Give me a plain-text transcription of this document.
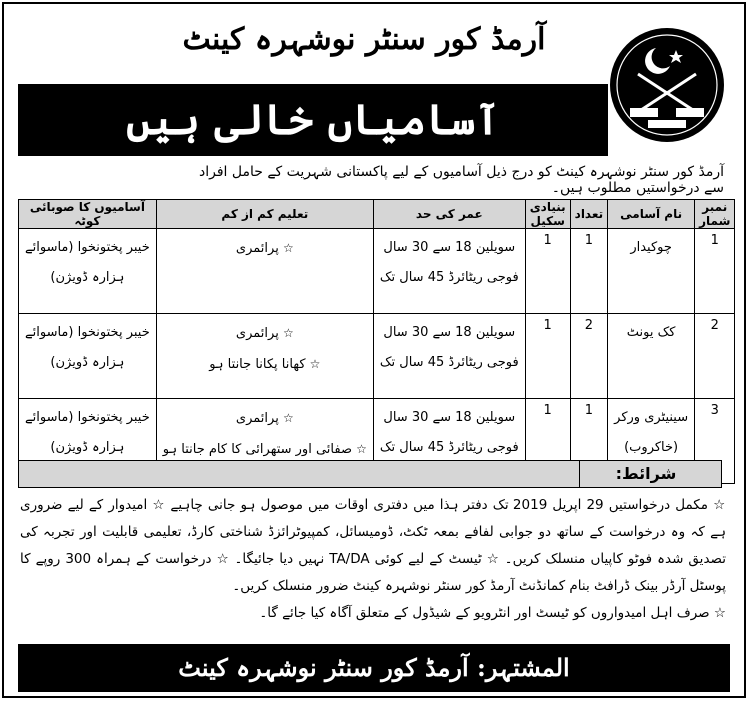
آرمڈ کور سنٹر نوشہرہ کینٹ
آسامیاں خالی ہیں
آرمڈ کور سنٹر نوشہرہ کینٹ کو درج ذیل آسامیوں کے لیے پاکستانی شہریت کے حامل افراد سے درخواستیں مطلوب ہیں۔
نمبر شمار	نام آسامی	تعداد	بنیادی سکیل	عمر کی حد	تعلیم کم از کم	آسامیوں کا صوبائی کوٹہ
1	چوکیدار	1	1	سویلین 18 سے 30 سال
فوجی ریٹائرڈ 45 سال تک	☆ پرائمری	خیبر پختونخوا (ماسوائے
ہزارہ ڈویژن)

2	کک یونٹ	2	1	سویلین 18 سے 30 سال
فوجی ریٹائرڈ 45 سال تک	☆ پرائمری
☆ کھانا پکانا جانتا ہو	خیبر پختونخوا (ماسوائے
ہزارہ ڈویژن)

3	سینیٹری ورکر
(خاکروب)	1	1	سویلین 18 سے 30 سال
فوجی ریٹائرڈ 45 سال تک	☆ پرائمری
☆ صفائی اور ستھرائی کا کام جانتا ہو	خیبر پختونخوا (ماسوائے
ہزارہ ڈویژن)
شرائط:

☆ مکمل درخواستیں 29 اپریل 2019 تک دفتر ہذا میں دفتری اوقات میں موصول ہو جانی چاہیے ☆ امیدوار کے لیے ضروری ہے کہ وہ درخواست کے ساتھ دو جوابی لفافے بمعہ ٹکٹ، ڈومیسائل، کمپیوٹرائزڈ شناختی کارڈ، تعلیمی قابلیت اور تجربہ کی تصدیق شدہ فوٹو کاپیاں منسلک کریں۔ ☆ ٹیسٹ کے لیے کوئی TA/DA نہیں دیا جائیگا۔ ☆ درخواست کے ہمراہ 300 روپے کا پوسٹل آرڈر بینک ڈرافٹ بنام کمانڈنٹ آرمڈ کور سنٹر نوشہرہ کینٹ ضرور منسلک کریں۔

☆ صرف اہل امیدواروں کو ٹیسٹ اور انٹرویو کے شیڈول کے متعلق آگاہ کیا جائے گا۔

المشتہر: آرمڈ کور سنٹر نوشہرہ کینٹ
